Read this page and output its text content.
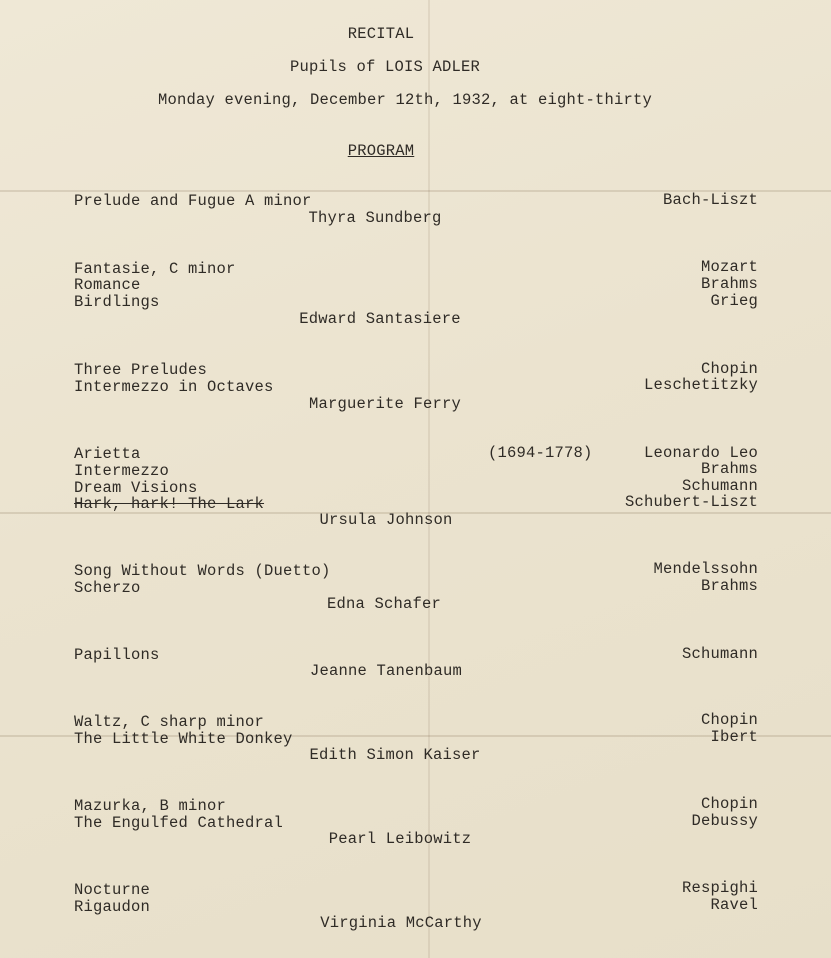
RECITAL
Pupils of LOIS ADLER
Monday evening, December 12th, 1932, at eight-thirty
PROGRAM
Prelude and Fugue A minor	Bach-Liszt
Thyra Sundberg
Fantasie, C minor	Mozart
Romance	Brahms
Birdlings	Grieg
Edward Santasiere
Three Preludes	Chopin
Intermezzo in Octaves	Leschetitzky
Marguerite Ferry
Arietta	(1694-1778)	Leonardo Leo
Intermezzo	Brahms
Dream Visions	Schumann
Hark, hark! The Lark	Schubert-Liszt
Ursula Johnson
Song Without Words (Duetto)	Mendelssohn
Scherzo	Brahms
Edna Schafer
Papillons	Schumann
Jeanne Tanenbaum
Waltz, C sharp minor	Chopin
The Little White Donkey	Ibert
Edith Simon Kaiser
Mazurka, B minor	Chopin
The Engulfed Cathedral	Debussy
Pearl Leibowitz
Nocturne	Respighi
Rigaudon	Ravel
Virginia McCarthy
